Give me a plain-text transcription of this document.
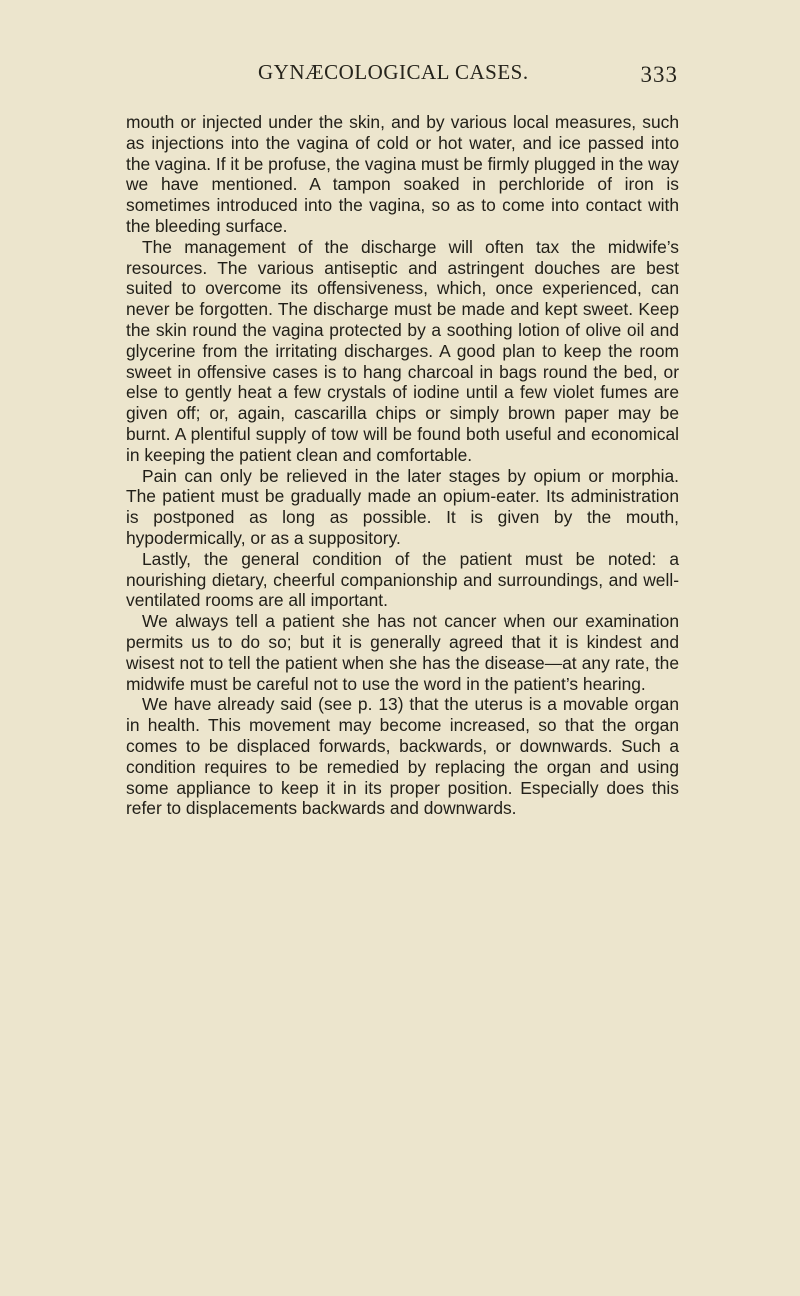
GYNÆCOLOGICAL CASES.	333

mouth or injected under the skin, and by various local measures, such as injections into the vagina of cold or hot water, and ice passed into the vagina. If it be profuse, the vagina must be firmly plugged in the way we have mentioned. A tampon soaked in perchloride of iron is sometimes introduced into the vagina, so as to come into contact with the bleeding surface.

The management of the discharge will often tax the midwife’s resources. The various antiseptic and astringent douches are best suited to overcome its offensiveness, which, once experienced, can never be forgotten. The discharge must be made and kept sweet. Keep the skin round the vagina protected by a soothing lotion of olive oil and glycerine from the irritating discharges. A good plan to keep the room sweet in offensive cases is to hang charcoal in bags round the bed, or else to gently heat a few crystals of iodine until a few violet fumes are given off; or, again, cascarilla chips or simply brown paper may be burnt. A plentiful supply of tow will be found both useful and economical in keeping the patient clean and comfortable.

Pain can only be relieved in the later stages by opium or morphia. The patient must be gradually made an opium-eater. Its administration is postponed as long as possible. It is given by the mouth, hypodermically, or as a suppository.

Lastly, the general condition of the patient must be noted: a nourishing dietary, cheerful companionship and surroundings, and well-ventilated rooms are all important.

We always tell a patient she has not cancer when our examination permits us to do so; but it is generally agreed that it is kindest and wisest not to tell the patient when she has the disease—at any rate, the midwife must be careful not to use the word in the patient’s hearing.

We have already said (see p. 13) that the uterus is a movable organ in health. This movement may become increased, so that the organ comes to be displaced forwards, backwards, or downwards. Such a condition requires to be remedied by replacing the organ and using some appliance to keep it in its proper position. Especially does this refer to displacements backwards and downwards.
